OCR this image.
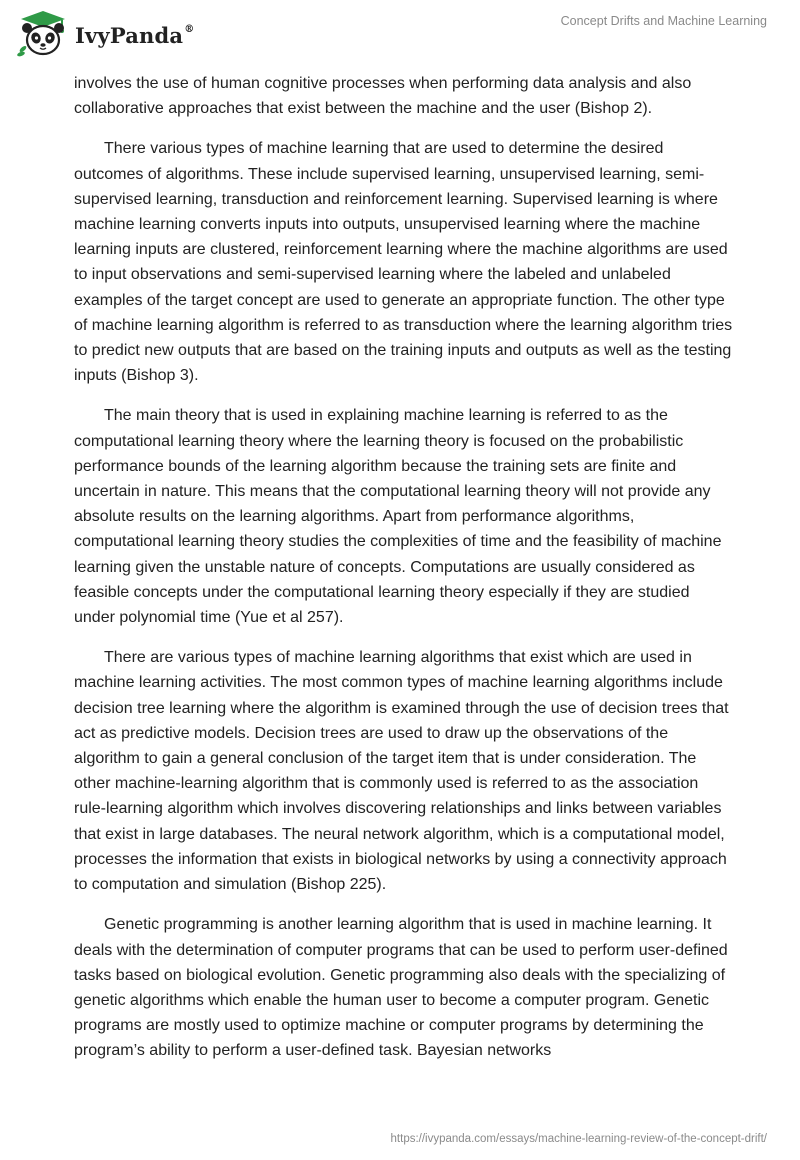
IvyPanda®
Concept Drifts and Machine Learning

involves the use of human cognitive processes when performing data analysis and also collaborative approaches that exist between the machine and the user (Bishop 2).

There various types of machine learning that are used to determine the desired outcomes of algorithms. These include supervised learning, unsupervised learning, semi-supervised learning, transduction and reinforcement learning. Supervised learning is where machine learning converts inputs into outputs, unsupervised learning where the machine learning inputs are clustered, reinforcement learning where the machine algorithms are used to input observations and semi-supervised learning where the labeled and unlabeled examples of the target concept are used to generate an appropriate function. The other type of machine learning algorithm is referred to as transduction where the learning algorithm tries to predict new outputs that are based on the training inputs and outputs as well as the testing inputs (Bishop 3).

The main theory that is used in explaining machine learning is referred to as the computational learning theory where the learning theory is focused on the probabilistic performance bounds of the learning algorithm because the training sets are finite and uncertain in nature. This means that the computational learning theory will not provide any absolute results on the learning algorithms. Apart from performance algorithms, computational learning theory studies the complexities of time and the feasibility of machine learning given the unstable nature of concepts. Computations are usually considered as feasible concepts under the computational learning theory especially if they are studied under polynomial time (Yue et al 257).

There are various types of machine learning algorithms that exist which are used in machine learning activities. The most common types of machine learning algorithms include decision tree learning where the algorithm is examined through the use of decision trees that act as predictive models. Decision trees are used to draw up the observations of the algorithm to gain a general conclusion of the target item that is under consideration. The other machine-learning algorithm that is commonly used is referred to as the association rule-learning algorithm which involves discovering relationships and links between variables that exist in large databases. The neural network algorithm, which is a computational model, processes the information that exists in biological networks by using a connectivity approach to computation and simulation (Bishop 225).

Genetic programming is another learning algorithm that is used in machine learning. It deals with the determination of computer programs that can be used to perform user-defined tasks based on biological evolution. Genetic programming also deals with the specializing of genetic algorithms which enable the human user to become a computer program. Genetic programs are mostly used to optimize machine or computer programs by determining the program’s ability to perform a user-defined task. Bayesian networks

https://ivypanda.com/essays/machine-learning-review-of-the-concept-drift/
